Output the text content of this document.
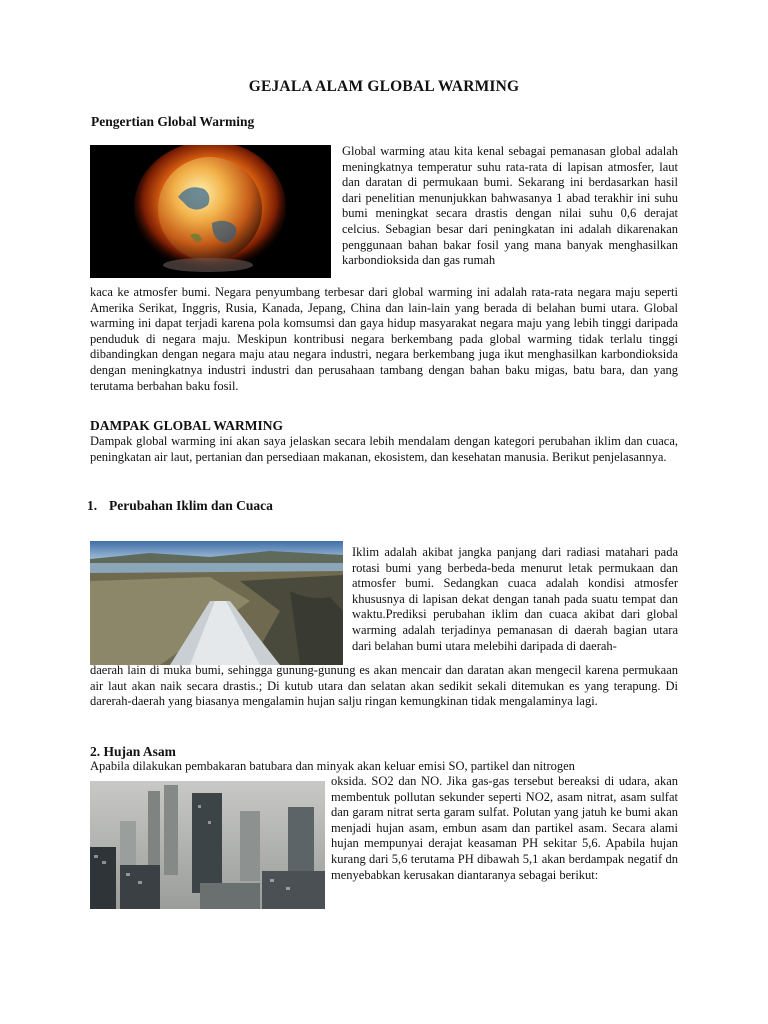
GEJALA ALAM GLOBAL WARMING
Pengertian Global Warming
Global warming atau kita kenal sebagai pemanasan global adalah meningkatnya temperatur suhu rata-rata di lapisan atmosfer, laut dan daratan di permukaan bumi. Sekarang ini berdasarkan hasil dari penelitian menunjukkan bahwasanya 1 abad terakhir ini suhu bumi meningkat secara drastis dengan nilai suhu 0,6 derajat celcius. Sebagian besar dari peningkatan ini adalah dikarenakan penggunaan bahan bakar fosil yang mana banyak menghasilkan karbondioksida dan gas rumah
kaca ke atmosfer bumi. Negara penyumbang terbesar dari global warming ini adalah rata-rata negara maju seperti Amerika Serikat, Inggris, Rusia, Kanada, Jepang, China dan lain-lain yang berada di belahan bumi utara. Global warming ini dapat terjadi karena pola komsumsi dan gaya hidup masyarakat negara maju yang lebih tinggi daripada penduduk di negara maju. Meskipun kontribusi negara berkembang pada global warming tidak terlalu tinggi dibandingkan dengan negara maju atau negara industri, negara berkembang juga ikut menghasilkan karbondioksida dengan meningkatnya industri industri dan perusahaan tambang dengan bahan baku migas, batu bara, dan yang terutama berbahan baku fosil.
DAMPAK GLOBAL WARMING
Dampak global warming ini akan saya jelaskan secara lebih mendalam dengan kategori perubahan iklim dan cuaca, peningkatan air laut, pertanian dan persediaan makanan, ekosistem, dan kesehatan manusia. Berikut penjelasannya.
1. Perubahan Iklim dan Cuaca
Iklim adalah akibat jangka panjang dari radiasi matahari pada rotasi bumi yang berbeda-beda menurut letak permukaan dan atmosfer bumi. Sedangkan cuaca adalah kondisi atmosfer khususnya di lapisan dekat dengan tanah pada suatu tempat dan waktu.Prediksi perubahan iklim dan cuaca akibat dari global warming adalah terjadinya pemanasan di daerah bagian utara dari belahan bumi utara melebihi daripada di daerah-
daerah lain di muka bumi, sehingga gunung-gunung es akan mencair dan daratan akan mengecil karena permukaan air laut akan naik secara drastis.; Di kutub utara dan selatan akan sedikit sekali ditemukan es yang terapung. Di darerah-daerah yang biasanya mengalamin hujan salju ringan kemungkinan tidak mengalaminya lagi.
2. Hujan Asam
Apabila dilakukan pembakaran batubara dan minyak akan keluar emisi SO, partikel dan nitrogen
oksida. SO2 dan NO. Jika gas-gas tersebut bereaksi di udara, akan membentuk pollutan sekunder seperti NO2, asam nitrat, asam sulfat dan garam nitrat serta garam sulfat. Polutan yang jatuh ke bumi akan menjadi hujan asam, embun asam dan partikel asam. Secara alami hujan mempunyai derajat keasaman PH sekitar 5,6. Apabila hujan kurang dari 5,6 terutama PH dibawah 5,1 akan berdampak negatif dn menyebabkan kerusakan diantaranya sebagai berikut:
